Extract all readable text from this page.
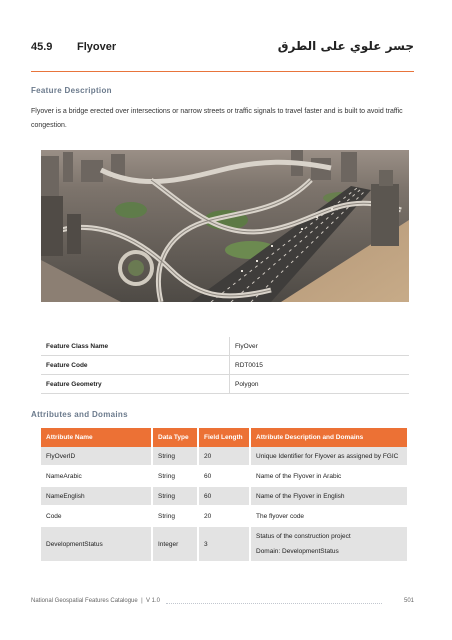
45.9 Flyover	جسر علوي على الطرق
Feature Description
Flyover is a bridge erected over intersections or narrow streets or traffic signals to travel faster and is built to avoid traffic congestion.
Feature Class Name	FlyOver
Feature Code	RDT0015
Feature Geometry	Polygon
Attributes and Domains
Attribute Name	Data Type	Field Length	Attribute Description and Domains
FlyOverID	String	20	Unique Identifier for Flyover as assigned by FGIC
NameArabic	String	60	Name of the Flyover in Arabic
NameEnglish	String	60	Name of the Flyover in English
Code	String	20	The flyover code
DevelopmentStatus	Integer	3	Status of the construction project
Domain: DevelopmentStatus
National Geospatial Features Catalogue | V 1.0	501
